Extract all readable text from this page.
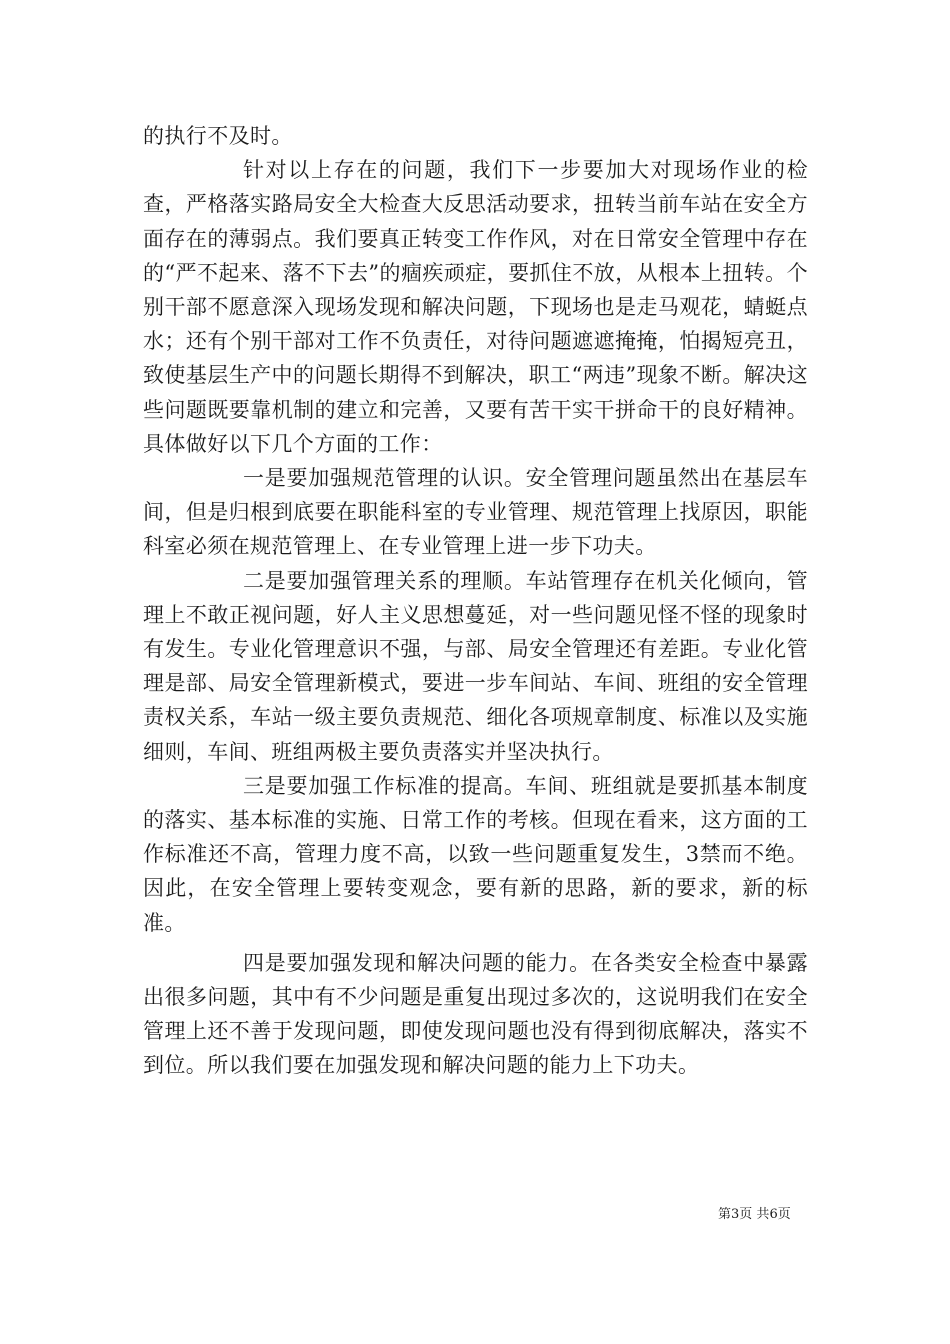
的执行不及时。

针对以上存在的问题，我们下一步要加大对现场作业的检查，严格落实路局安全大检查大反思活动要求，扭转当前车站在安全方面存在的薄弱点。我们要真正转变工作作风，对在日常安全管理中存在的“严不起来、落不下去”的痼疾顽症，要抓住不放，从根本上扭转。个别干部不愿意深入现场发现和解决问题，下现场也是走马观花，蜻蜓点水；还有个别干部对工作不负责任，对待问题遮遮掩掩，怕揭短亮丑，致使基层生产中的问题长期得不到解决，职工“两违”现象不断。解决这些问题既要靠机制的建立和完善，又要有苦干实干拼命干的良好精神。具体做好以下几个方面的工作：

一是要加强规范管理的认识。安全管理问题虽然出在基层车间，但是归根到底要在职能科室的专业管理、规范管理上找原因，职能科室必须在规范管理上、在专业管理上进一步下功夫。

二是要加强管理关系的理顺。车站管理存在机关化倾向，管理上不敢正视问题，好人主义思想蔓延，对一些问题见怪不怪的现象时有发生。专业化管理意识不强，与部、局安全管理还有差距。专业化管理是部、局安全管理新模式，要进一步车间站、车间、班组的安全管理责权关系，车站一级主要负责规范、细化各项规章制度、标准以及实施细则，车间、班组两极主要负责落实并坚决执行。

三是要加强工作标准的提高。车间、班组就是要抓基本制度的落实、基本标准的实施、日常工作的考核。但现在看来，这方面的工作标准还不高，管理力度不高，以致一些问题重复发生，3禁而不绝。因此，在安全管理上要转变观念，要有新的思路，新的要求，新的标准。

四是要加强发现和解决问题的能力。在各类安全检查中暴露出很多问题，其中有不少问题是重复出现过多次的，这说明我们在安全管理上还不善于发现问题，即使发现问题也没有得到彻底解决，落实不到位。所以我们要在加强发现和解决问题的能力上下功夫。

第3页 共6页
